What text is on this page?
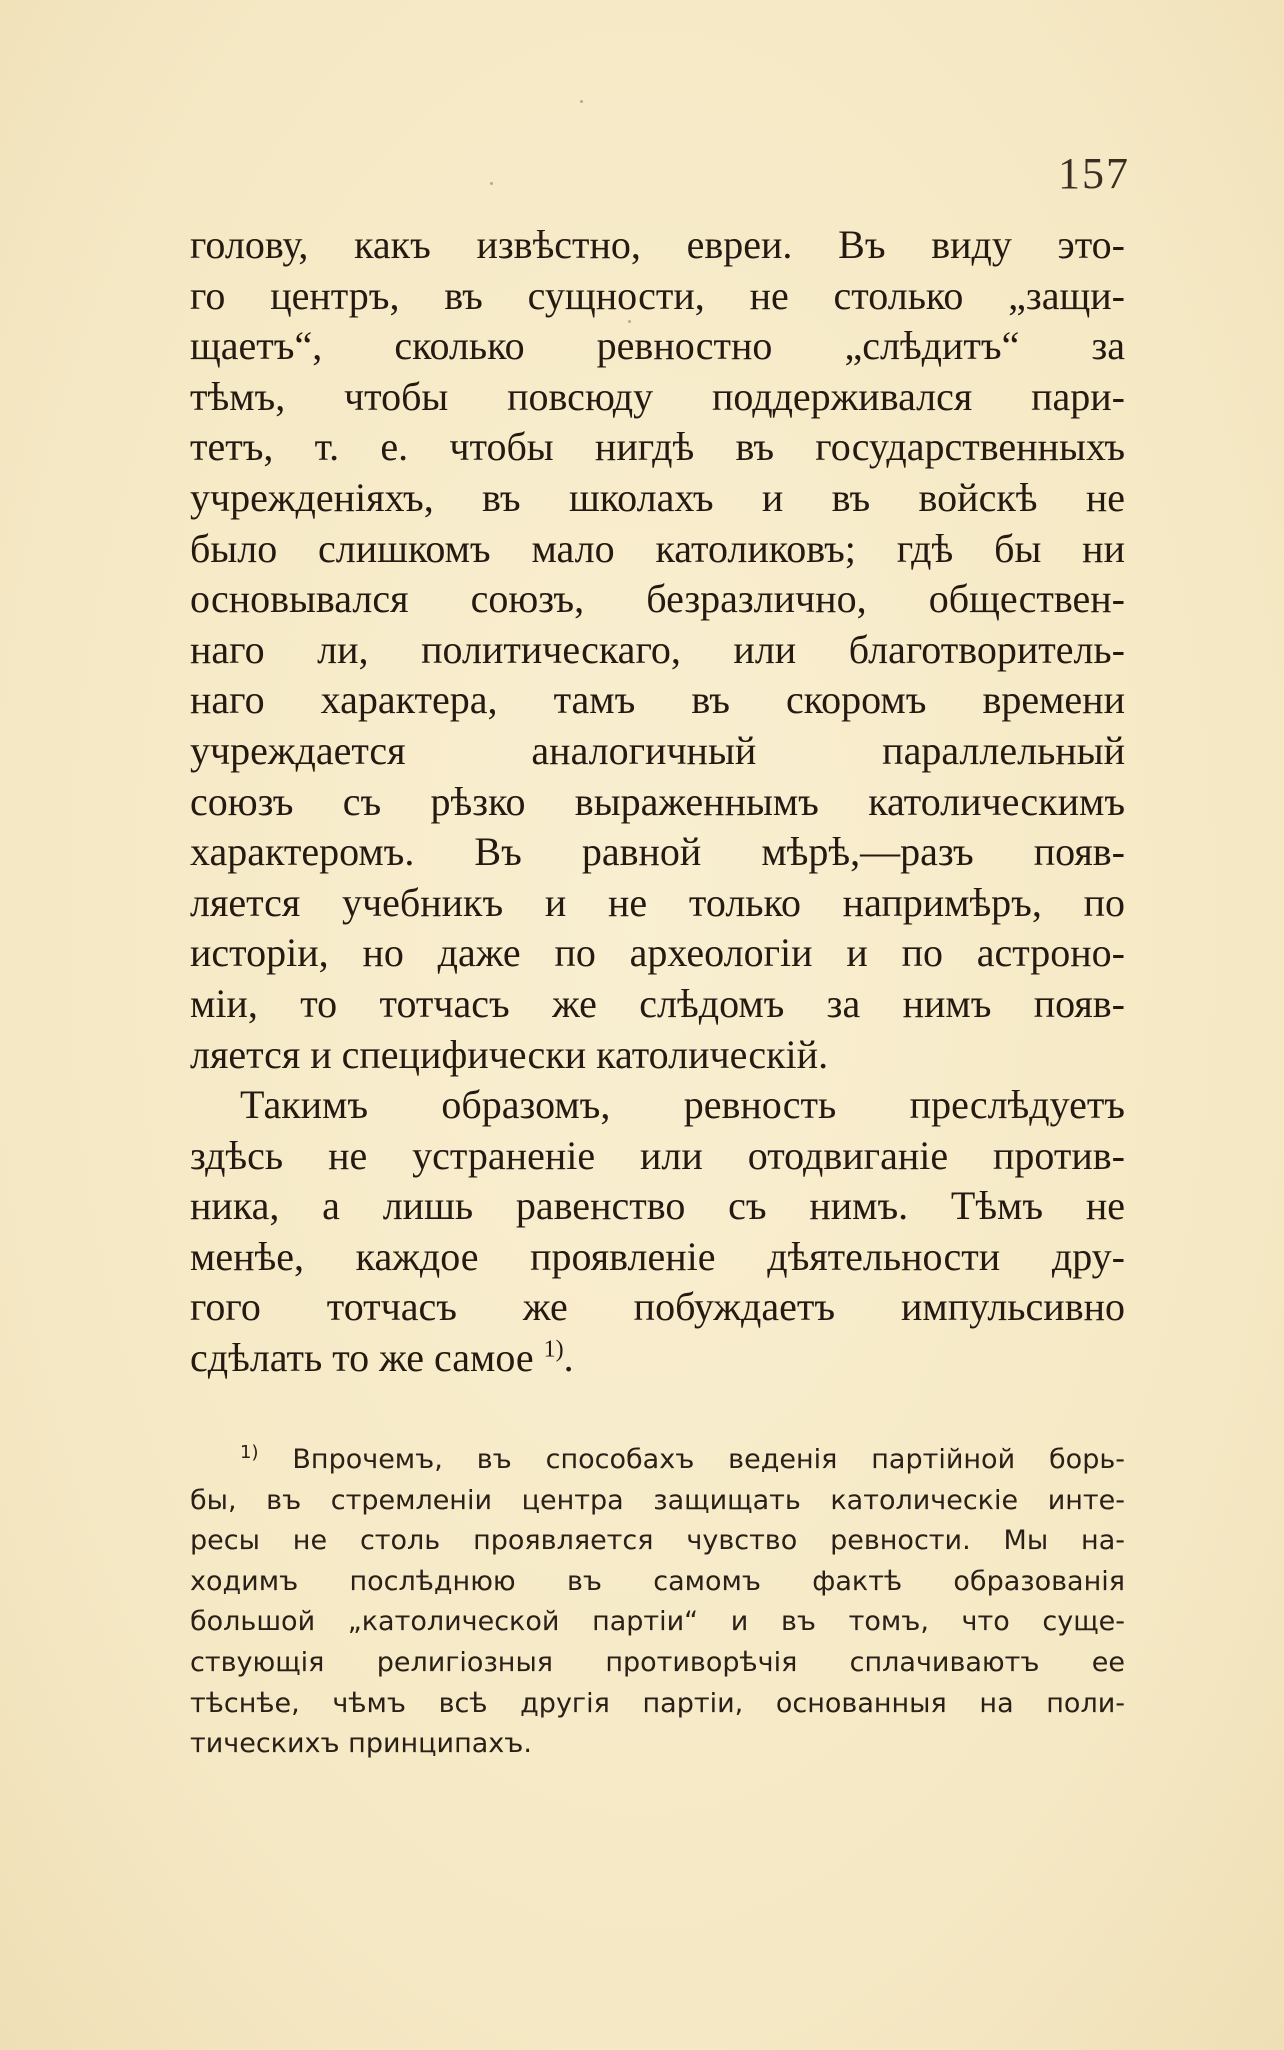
157
голову, какъ извѣстно, евреи. Въ виду это-
го центръ, въ сущности, не столько „защи-
щаетъ“, сколько ревностно „слѣдитъ“ за
тѣмъ, чтобы повсюду поддерживался пари-
тетъ, т. е. чтобы нигдѣ въ государственныхъ
учрежденіяхъ, въ школахъ и въ войскѣ не
было слишкомъ мало католиковъ; гдѣ бы ни
основывался союзъ, безразлично, обществен-
наго ли, политическаго, или благотворитель-
наго характера, тамъ въ скоромъ времени
учреждается аналогичный параллельный
союзъ съ рѣзко выраженнымъ католическимъ
характеромъ. Въ равной мѣрѣ,—разъ появ-
ляется учебникъ и не только напримѣръ, по
исторіи, но даже по археологіи и по астроно-
міи, то тотчасъ же слѣдомъ за нимъ появ-
ляется и специфически католическій.
Такимъ образомъ, ревность преслѣдуетъ
здѣсь не устраненіе или отодвиганіе против-
ника, а лишь равенство съ нимъ. Тѣмъ не
менѣе, каждое проявленіе дѣятельности дру-
гого тотчасъ же побуждаетъ импульсивно
сдѣлать то же самое $^{1)}$.
$^{1)}$ Впрочемъ, въ способахъ веденія партійной борь-
бы, въ стремленіи центра защищать католическіе инте-
ресы не столь проявляется чувство ревности. Мы на-
ходимъ послѣднюю въ самомъ фактѣ образованія
большой „католической партіи“ и въ томъ, что суще-
ствующія религіозныя противорѣчія сплачиваютъ ее
тѣснѣе, чѣмъ всѣ другія партіи, основанныя на поли-
тическихъ принципахъ.
